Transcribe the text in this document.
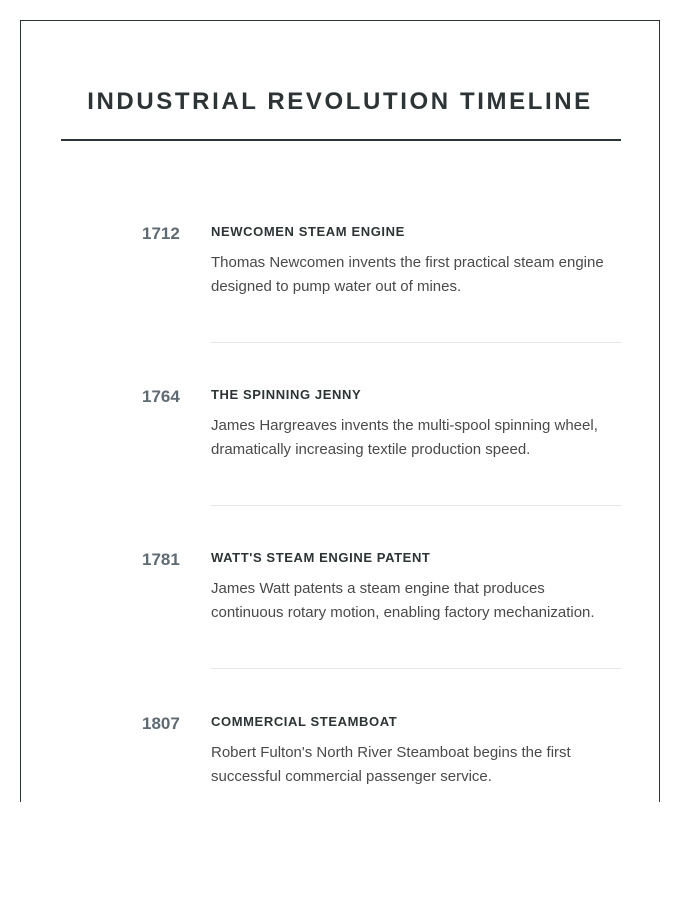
INDUSTRIAL REVOLUTION TIMELINE
1712 NEWCOMEN STEAM ENGINE

Thomas Newcomen invents the first practical steam engine designed to pump water out of mines.

1764 THE SPINNING JENNY

James Hargreaves invents the multi-spool spinning wheel, dramatically increasing textile production speed.

1781 WATT'S STEAM ENGINE PATENT

James Watt patents a steam engine that produces continuous rotary motion, enabling factory mechanization.

1807 COMMERCIAL STEAMBOAT

Robert Fulton's North River Steamboat begins the first successful commercial passenger service.
